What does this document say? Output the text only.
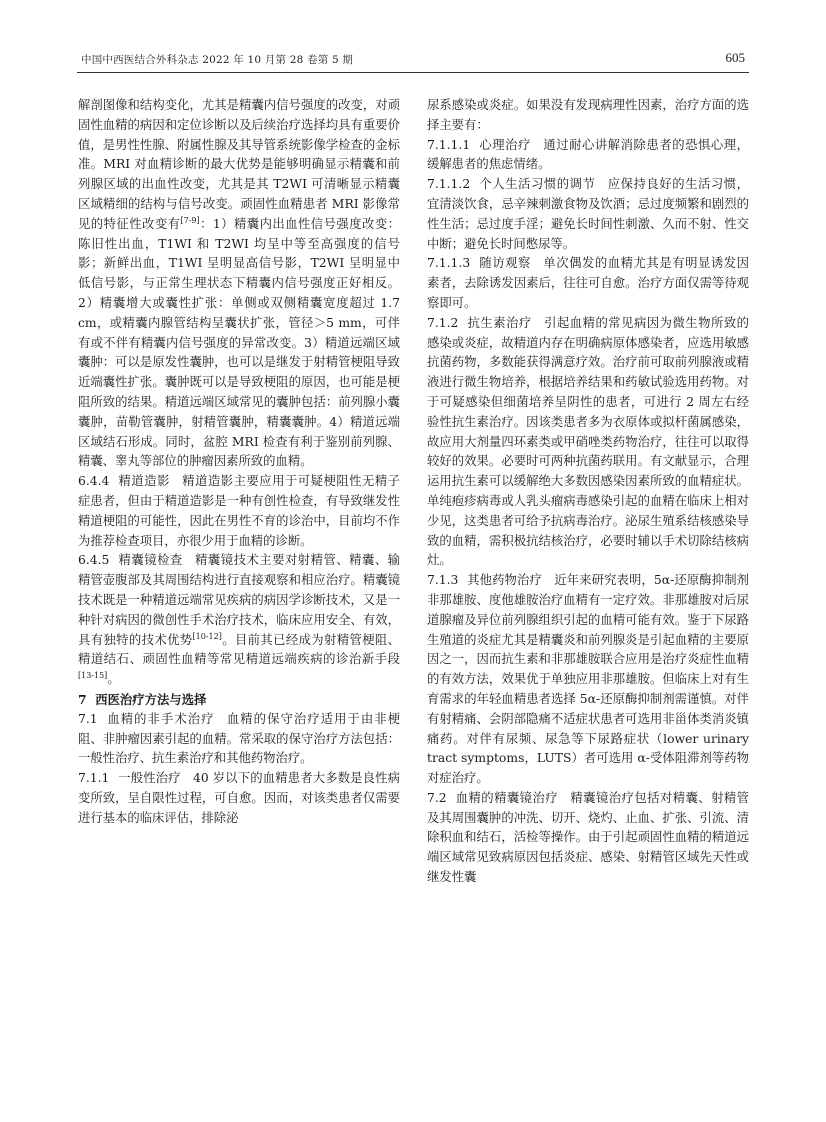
中国中西医结合外科杂志 2022 年 10 月第 28 卷第 5 期	605

解剖图像和结构变化，尤其是精囊内信号强度的改变，对顽固性血精的病因和定位诊断以及后续治疗选择均具有重要价值，是男性性腺、附属性腺及其导管系统影像学检查的金标准。MRI 对血精诊断的最大优势是能够明确显示精囊和前列腺区域的出血性改变，尤其是其 T2WI 可清晰显示精囊区域精细的结构与信号改变。顽固性血精患者 MRI 影像常见的特征性改变有[7-9]：1）精囊内出血性信号强度改变：陈旧性出血，T1WI 和 T2WI 均呈中等至高强度的信号影；新鲜出血，T1WI 呈明显高信号影，T2WI 呈明显中低信号影，与正常生理状态下精囊内信号强度正好相反。2）精囊增大或囊性扩张：单侧或双侧精囊宽度超过 1.7 cm，或精囊内腺管结构呈囊状扩张，管径＞5 mm，可伴有或不伴有精囊内信号强度的异常改变。3）精道远端区域囊肿：可以是原发性囊肿，也可以是继发于射精管梗阻导致近端囊性扩张。囊肿既可以是导致梗阻的原因，也可能是梗阻所致的结果。精道远端区域常见的囊肿包括：前列腺小囊囊肿，苗勒管囊肿，射精管囊肿，精囊囊肿。4）精道远端区域结石形成。同时，盆腔 MRI 检查有利于鉴别前列腺、精囊、睾丸等部位的肿瘤因素所致的血精。

6.4.4 精道造影 精道造影主要应用于可疑梗阻性无精子症患者，但由于精道造影是一种有创性检查，有导致继发性精道梗阻的可能性，因此在男性不育的诊治中，目前均不作为推荐检查项目，亦很少用于血精的诊断。

6.4.5 精囊镜检查 精囊镜技术主要对射精管、精囊、输精管壶腹部及其周围结构进行直接观察和相应治疗。精囊镜技术既是一种精道远端常见疾病的病因学诊断技术，又是一种针对病因的微创性手术治疗技术，临床应用安全、有效，具有独特的技术优势[10-12]。目前其已经成为射精管梗阻、精道结石、顽固性血精等常见精道远端疾病的诊治新手段[13-15]。

7 西医治疗方法与选择

7.1 血精的非手术治疗 血精的保守治疗适用于由非梗阻、非肿瘤因素引起的血精。常采取的保守治疗方法包括：一般性治疗、抗生素治疗和其他药物治疗。

7.1.1 一般性治疗 40 岁以下的血精患者大多数是良性病变所致，呈自限性过程，可自愈。因而，对该类患者仅需要进行基本的临床评估，排除泌

尿系感染或炎症。如果没有发现病理性因素，治疗方面的选择主要有：

7.1.1.1 心理治疗 通过耐心讲解消除患者的恐惧心理，缓解患者的焦虑情绪。

7.1.1.2 个人生活习惯的调节 应保持良好的生活习惯，宜清淡饮食，忌辛辣刺激食物及饮酒；忌过度频繁和剧烈的性生活；忌过度手淫；避免长时间性刺激、久而不射、性交中断；避免长时间憋尿等。

7.1.1.3 随访观察 单次偶发的血精尤其是有明显诱发因素者，去除诱发因素后，往往可自愈。治疗方面仅需等待观察即可。

7.1.2 抗生素治疗 引起血精的常见病因为微生物所致的感染或炎症，故精道内存在明确病原体感染者，应选用敏感抗菌药物，多数能获得满意疗效。治疗前可取前列腺液或精液进行微生物培养，根据培养结果和药敏试验选用药物。对于可疑感染但细菌培养呈阴性的患者，可进行 2 周左右经验性抗生素治疗。因该类患者多为衣原体或拟杆菌属感染，故应用大剂量四环素类或甲硝唑类药物治疗，往往可以取得较好的效果。必要时可两种抗菌药联用。有文献显示，合理运用抗生素可以缓解绝大多数因感染因素所致的血精症状。单纯疱疹病毒或人乳头瘤病毒感染引起的血精在临床上相对少见，这类患者可给予抗病毒治疗。泌尿生殖系结核感染导致的血精，需积极抗结核治疗，必要时辅以手术切除结核病灶。

7.1.3 其他药物治疗 近年来研究表明，5α-还原酶抑制剂非那雄胺、度他雄胺治疗血精有一定疗效。非那雄胺对后尿道腺瘤及异位前列腺组织引起的血精可能有效。鉴于下尿路生殖道的炎症尤其是精囊炎和前列腺炎是引起血精的主要原因之一，因而抗生素和非那雄胺联合应用是治疗炎症性血精的有效方法，效果优于单独应用非那雄胺。但临床上对有生育需求的年轻血精患者选择 5α-还原酶抑制剂需谨慎。对伴有射精痛、会阴部隐痛不适症状患者可选用非甾体类消炎镇痛药。对伴有尿频、尿急等下尿路症状（lower urinary tract symptoms，LUTS）者可选用 α-受体阻滞剂等药物对症治疗。

7.2 血精的精囊镜治疗 精囊镜治疗包括对精囊、射精管及其周围囊肿的冲洗、切开、烧灼、止血、扩张、引流、清除积血和结石，活检等操作。由于引起顽固性血精的精道远端区域常见致病原因包括炎症、感染、射精管区域先天性或继发性囊
